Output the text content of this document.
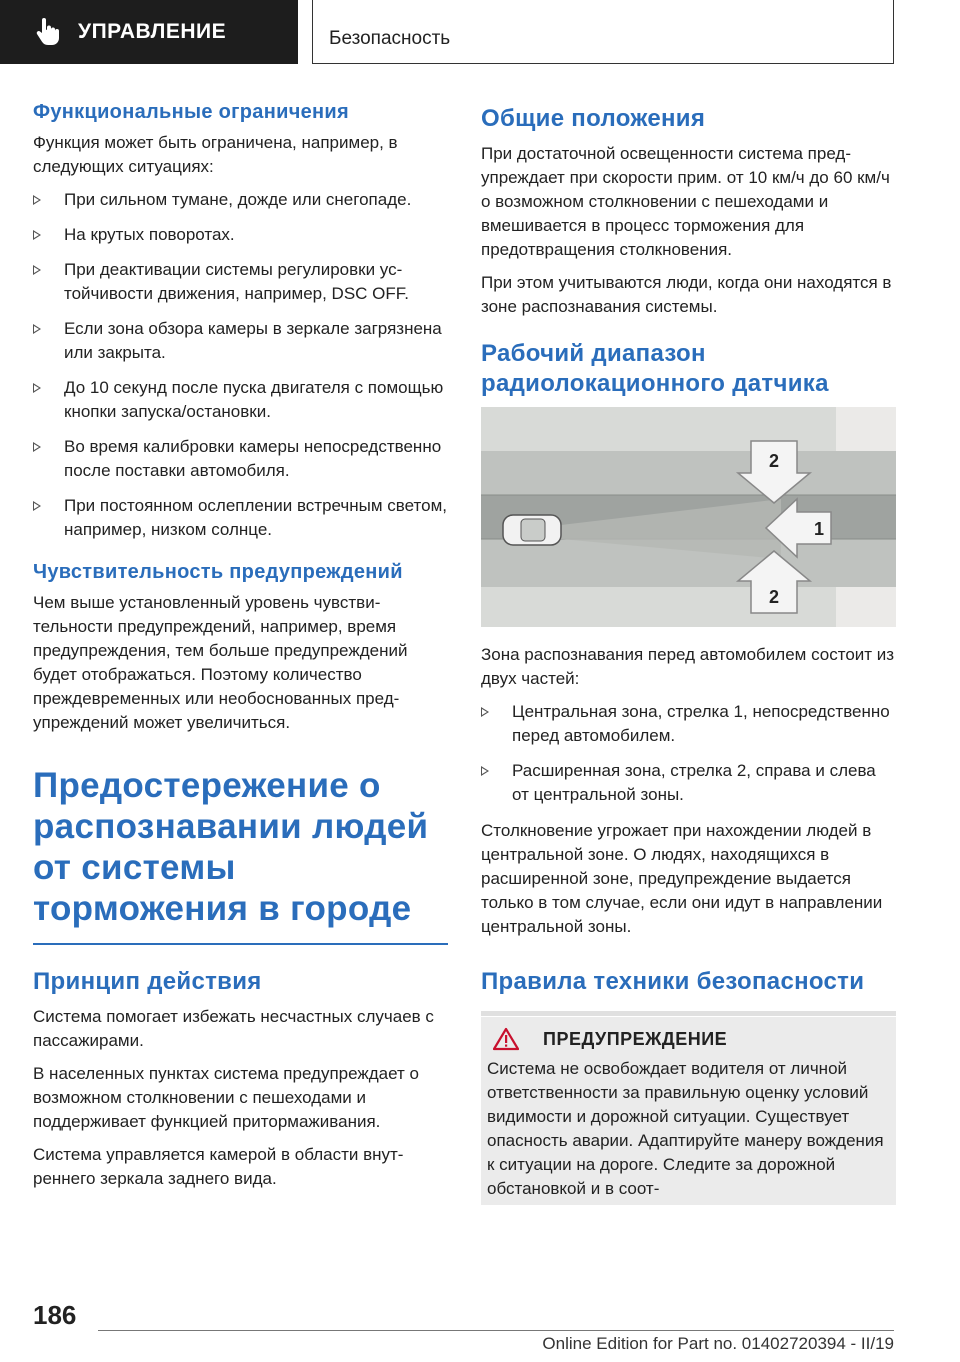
УПРАВЛЕНИЕ	Безопасность
Функциональные ограничения

Функция может быть ограничена, например, в следующих ситуациях:

При сильном тумане, дожде или снегопаде.
На крутых поворотах.
При деактивации системы регулировки устойчивости движения, например, DSC OFF.
Если зона обзора камеры в зеркале загрязнена или закрыта.
До 10 секунд после пуска двигателя с помощью кнопки запуска/остановки.
Во время калибровки камеры непосредственно после поставки автомобиля.
При постоянном ослеплении встречным светом, например, низком солнце.
Чувствительность предупреждений

Чем выше установленный уровень чувствительности предупреждений, например, время предупреждения, тем больше предупреждений будет отображаться. Поэтому количество преждевременных или необоснованных предупреждений может увеличиться.

Предостережение о распознавании людей от системы торможения в городе
Принцип действия

Система помогает избежать несчастных случаев с пассажирами.

В населенных пунктах система предупреждает о возможном столкновении с пешеходами и поддерживает функцией притормаживания.

Система управляется камерой в области внутреннего зеркала заднего вида.

Общие положения

При достаточной освещенности система предупреждает при скорости прим. от 10 км/ч до 60 км/ч о возможном столкновении с пешеходами и вмешивается в процесс торможения для предотвращения столкновения.

При этом учитываются люди, когда они находятся в зоне распознавания системы.

Рабочий диапазон радиолокационного датчика
2
1
2

Зона распознавания перед автомобилем состоит из двух частей:

Центральная зона, стрелка 1, непосредственно перед автомобилем.
Расширенная зона, стрелка 2, справа и слева от центральной зоны.

Столкновение угрожает при нахождении людей в центральной зоне. О людях, находящихся в расширенной зоне, предупреждение выдается только в том случае, если они идут в направлении центральной зоны.

Правила техники безопасности
ПРЕДУПРЕЖДЕНИЕ

Система не освобождает водителя от личной ответственности за правильную оценку условий видимости и дорожной ситуации. Существует опасность аварии. Адаптируйте манеру вождения к ситуации на дороге. Следите за дорожной обстановкой и в соот-

186
Online Edition for Part no. 01402720394 - II/19
